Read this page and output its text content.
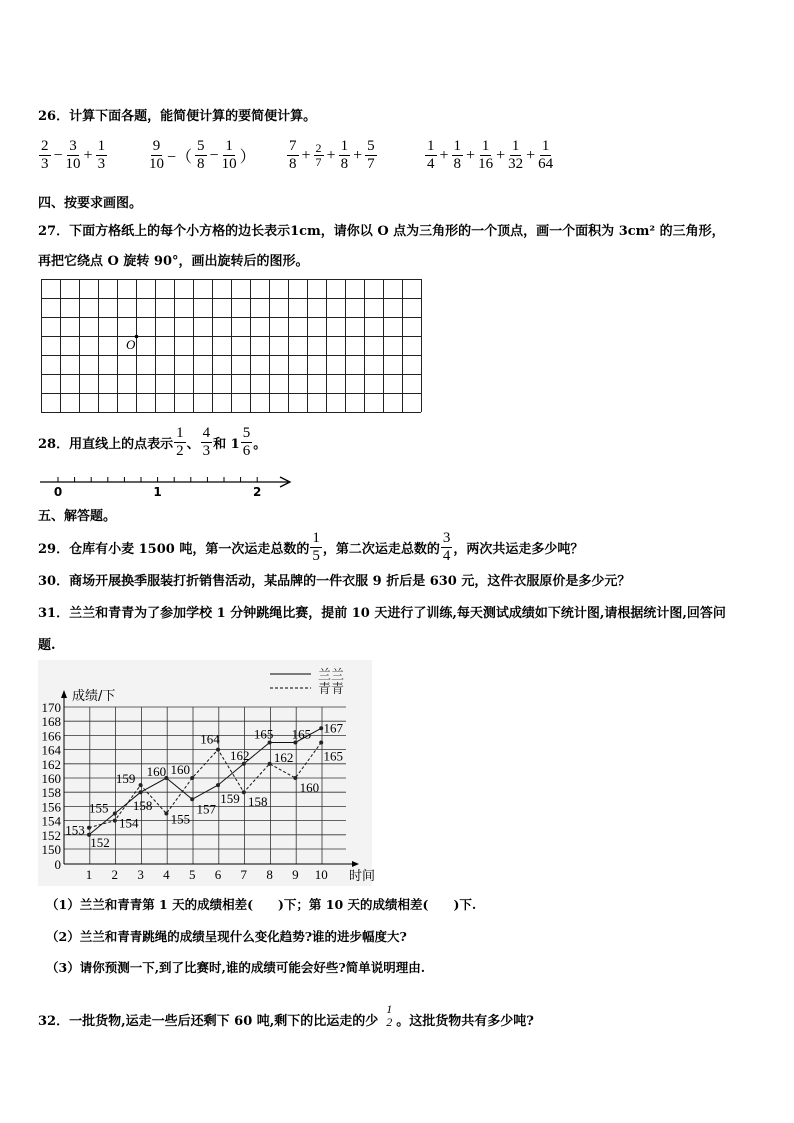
26．计算下面各题，能简便计算的要简便计算。
$\frac{2}{3} - \frac{3}{10} + \frac{1}{3}$	$\frac{9}{10}$ −（ $\frac{5}{8} - \frac{1}{10}$ ） $\frac{7}{8} + \frac{2}{7} + \frac{1}{8} + \frac{5}{7}$	$\frac{1}{4} + \frac{1}{8} + \frac{1}{16} + \frac{1}{32} + \frac{1}{64}$
四、按要求画图。
27．下面方格纸上的每个小方格的边长表示1cm，请你以 O 点为三角形的一个顶点，画一个面积为 3cm² 的三角形，
再把它绕点 O 旋转 90°，画出旋转后的图形。
O
28．用直线上的点表示 $\frac{1}{2}$ 、 $\frac{4}{3}$ 和 $1 \frac{5}{6}$ 。
0	1	2
五、解答题。
29．仓库有小麦 1500 吨，第一次运走总数的 $\frac{1}{5}$ ，第二次运走总数的 $\frac{3}{4}$ ，两次共运走多少吨？
30．商场开展换季服装打折销售活动，某品牌的一件衣服 9 折后是 630 元，这件衣服原价是多少元？
31．兰兰和青青为了参加学校 1 分钟跳绳比赛，提前 10 天进行了训练,每天测试成绩如下统计图,请根据统计图,回答问
题.
170
168
166
164
162
160
158
156
154
152
150
0
成绩/下
时间
1 2 3 4 5 6 7 8 9 10
兰兰
青青
152
155 158
160
157
159
162
165 165 167
153	154
159
155
160
164
158
162
160
165
（1）兰兰和青青第 1 天的成绩相差(　　)下；第 10 天的成绩相差(　　)下.
（2）兰兰和青青跳绳的成绩呈现什么变化趋势?谁的进步幅度大?
（3）请你预测一下,到了比赛时,谁的成绩可能会好些?简单说明理由.
32．一批货物,运走一些后还剩下 60 吨,剩下的比运走的少
1
2 。这批货物共有多少吨?
